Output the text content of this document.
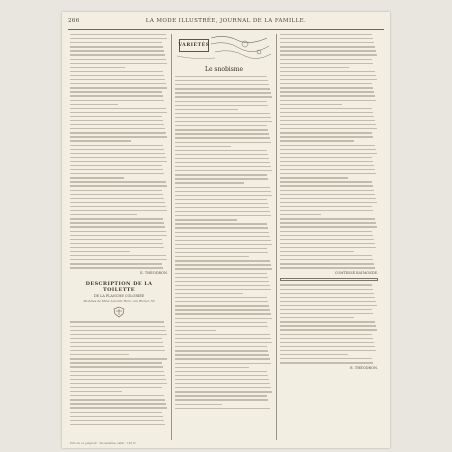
266	LA MODE ILLUSTRÉE, JOURNAL DE LA FAMILLE.
E. THÉODRON.
DESCRIPTION DE LA TOILETTE
DE LA PLANCHE COLORIÉE
Modèles de Mme Laurent Haro, rue Richer, 53
VARIÉTÉS
Le snobisme
COMTESSE RAYMONDE.
E. THÉODRON.
Prix de ce peignoir : mousseline, satin : 145 fr.
